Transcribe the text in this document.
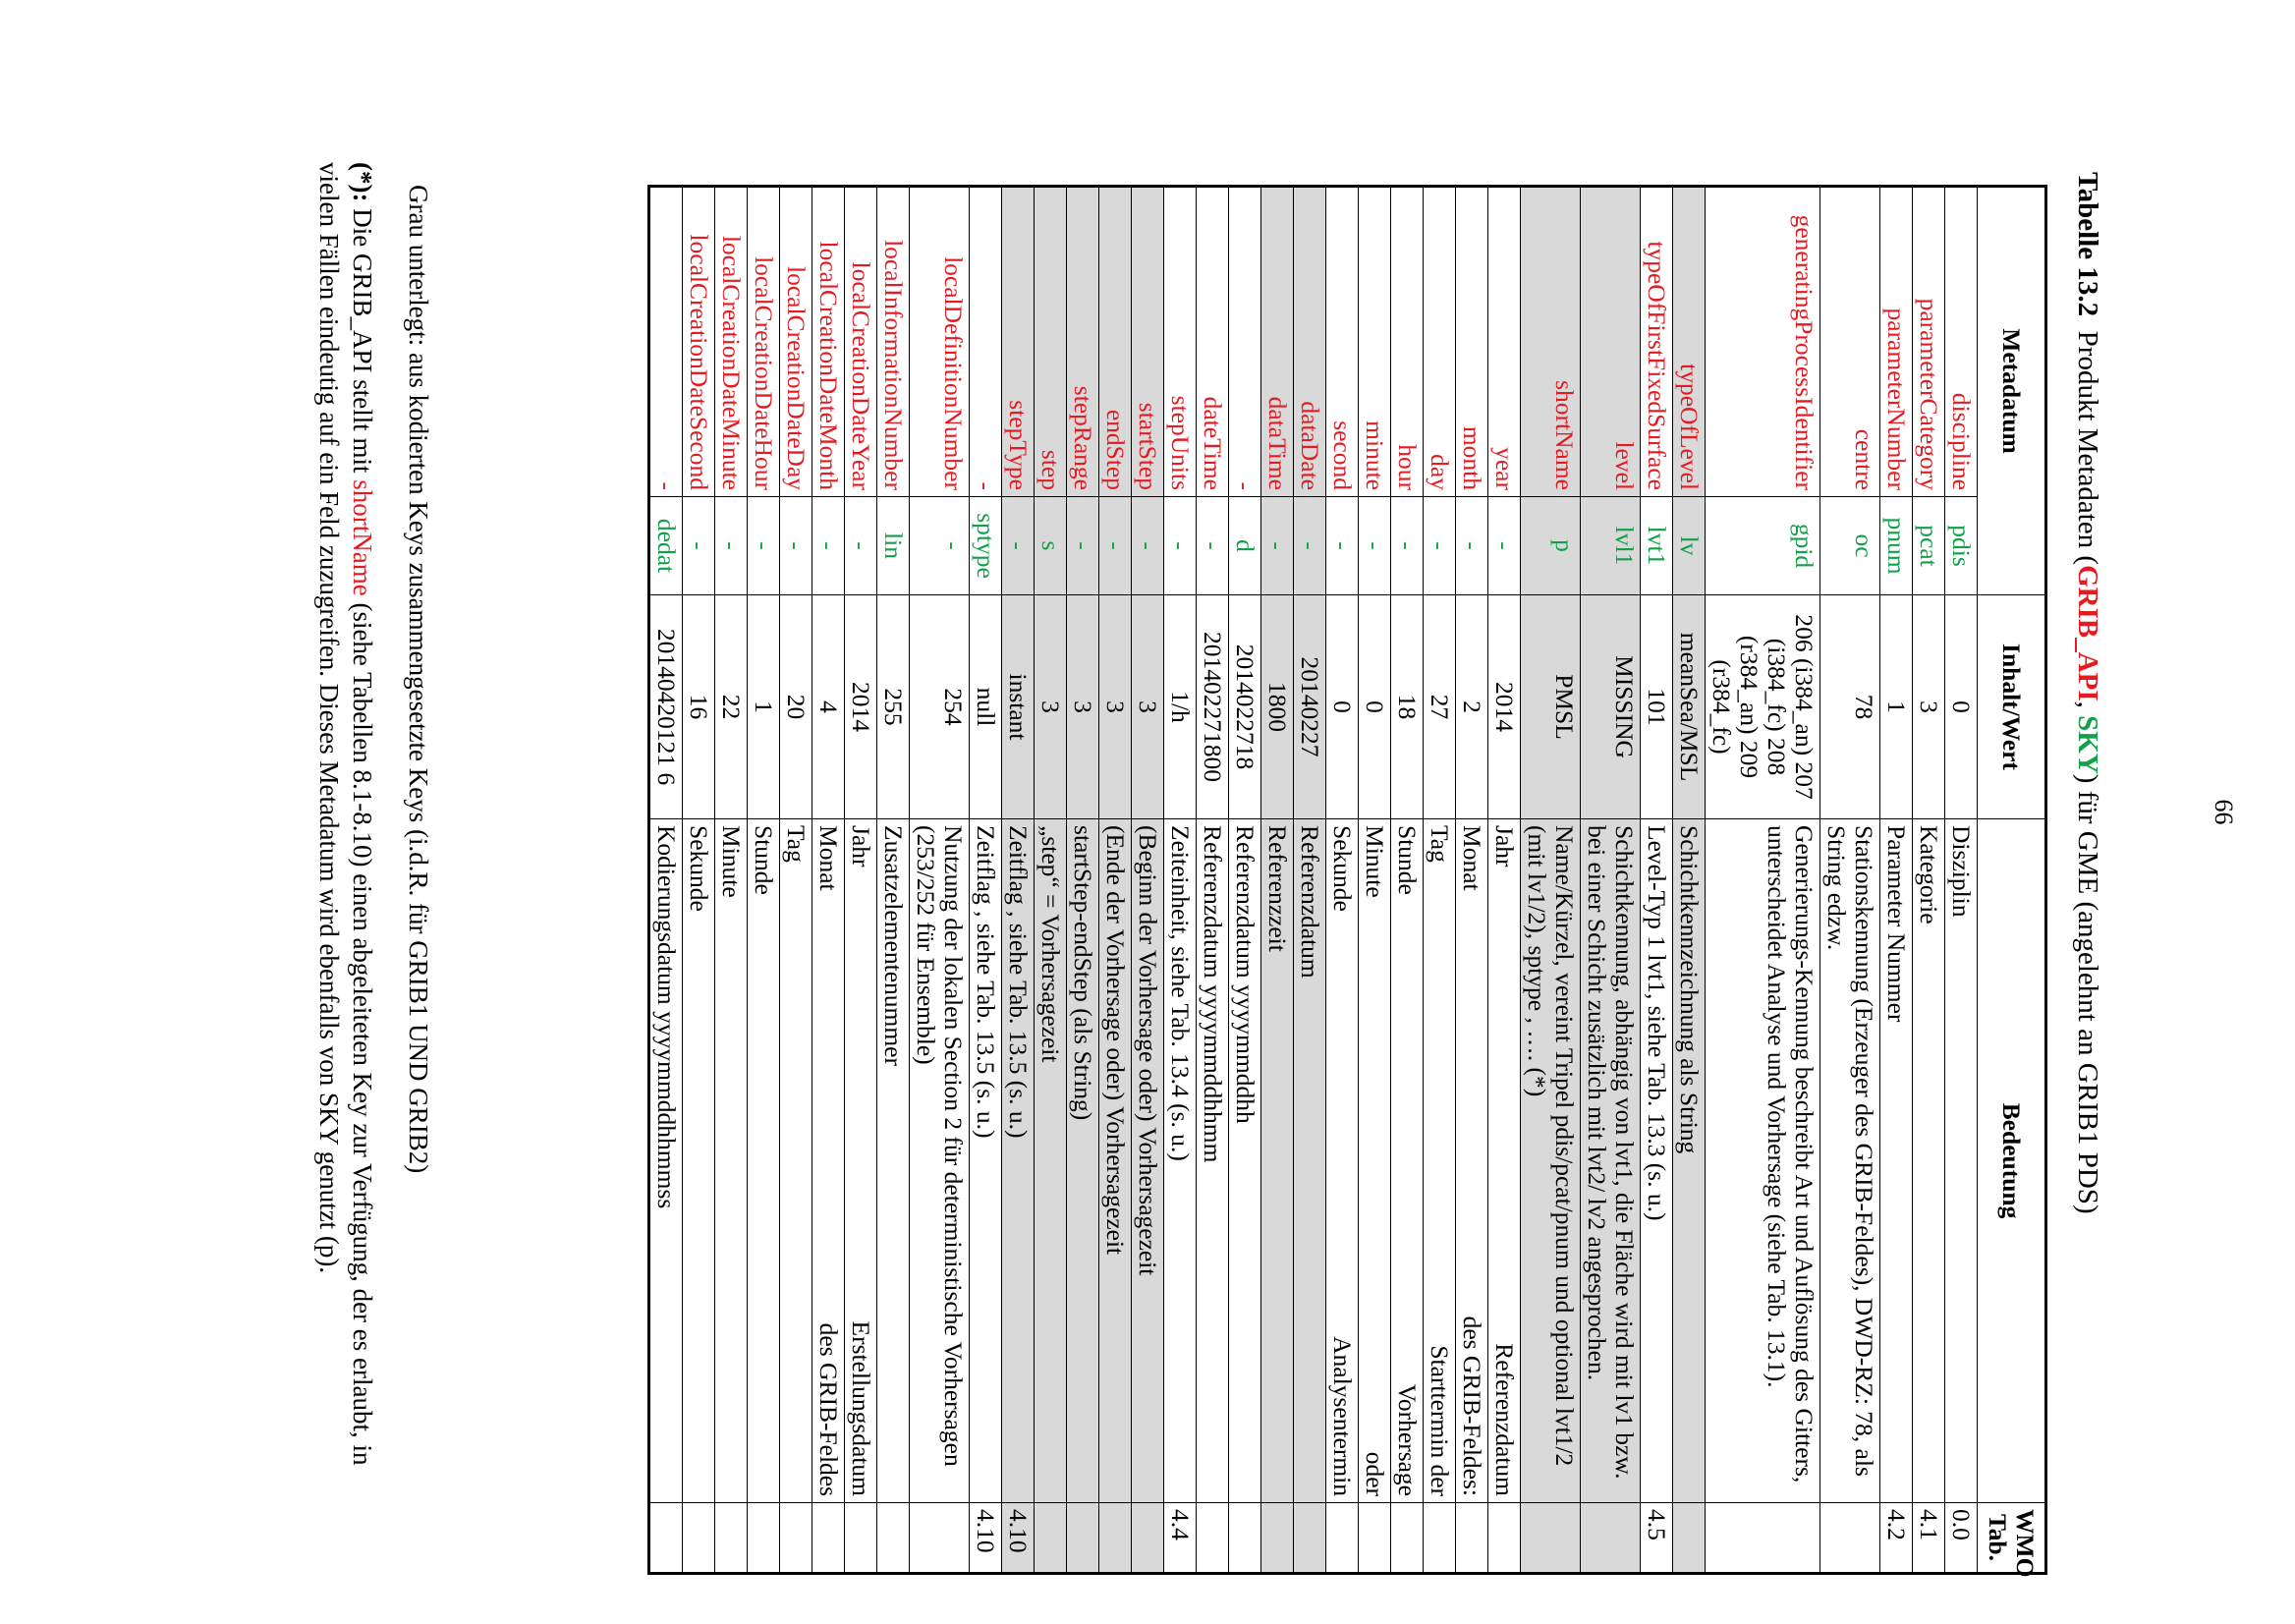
66
Tabelle 13.2  Produkt Metadaten (GRIB_API, SKY) für GME (angelehnt an GRIB1 PDS)
Metadatum		Inhalt/Wert	Bedeutung	WMO Tab.
discipline	pdis	0	Disziplin	0.0
parameterCategory	pcat	3	Kategorie	4.1
parameterNumber	pnum	1	Parameter Nummer	4.2
centre	oc	78	Stationskennung (Erzeuger des GRIB-Feldes), DWD-RZ: 78, als String edzw.	
generatingProcessIdentifier	gpid	206 (i384_an) 207 (i384_fc) 208 (r384_an) 209 (r384_fc)	Generierungs-Kennung beschreibt Art und Auflösung des Gitters, unterscheidet Analyse und Vorhersage (siehe Tab. 13.1).	
typeOfLevel	lv	meanSea/MSL	Schichtkennzeichnung als String	
typeOfFirstFixedSurface	lvt1	101	Level-Typ 1 lvt1, siehe Tab. 13.3 (s. u.)	4.5
level	lvl1	MISSING	Schichtkennung, abhängig von lvt1, die Fläche wird mit lv1 bzw. bei einer Schicht zusätzlich mit lvt2/ lv2 angesprochen.	
shortName	p	PMSL	Name/Kürzel, vereint Tripel pdis/pcat/pnum und optional lvt1/2 (mit lv1/2), sptype , …. (*)	
year	-	2014	Jahr
Referenzdatum	

month	-	2	Monat
des GRIB-Feldes:	

day	-	27	Tag
Starttermin der	

hour	-	18	Stunde
Vorhersage	

minute	-	0	Minute
oder	

second	-	0	Sekunde
Analysentermin	

dataDate	-	20140227	Referenzdatum	
dataTime	-	1800	Referenzzeit	
-	d	2014022718	Referenzdatum yyyymmddhh	
dateTime	-	201402271800	Referenzdatum yyyymmddhhmm	
stepUnits	-	1/h	Zeiteinheit, siehe Tab. 13.4 (s. u.)	4.4
startStep	-	3	(Beginn der Vorhersage oder) Vorhersagezeit	
endStep	-	3	(Ende der Vorhersage oder) Vorhersagezeit	
stepRange	-	3	startStep-endStep (als String)	
step	s	3	„step“ = Vorhersagezeit	
stepType	-	instant	Zeitflag , siehe Tab. 13.5 (s. u.)	4.10
-	sptype	null	Zeitflag , siehe Tab. 13.5 (s. u.)	4.10
localDefinitionNumber	-	254	Nutzung der lokalen Section 2 für deterministische Vorhersagen (253/252 für Ensemble)	
localInformationNumber	lin	255	Zusatzelementenummer	
localCreationDateYear	-	2014	Jahr
Erstellungsdatum	

localCreationDateMonth	-	4	Monat
des GRIB-Feldes	

localCreationDateDay	-	20	Tag	
localCreationDateHour	-	1	Stunde	
localCreationDateMinute	-	22	Minute	
localCreationDateSecond	-	16	Sekunde	
-	dedat	20140420121 6	Kodierungsdatum yyyymmddhhmmss	
Grau unterlegt: aus kodierten Keys zusammengesetzte Keys (i.d.R. für GRIB1 UND GRIB2)
(*): Die GRIB_API stellt mit shortName (siehe Tabellen 8.1-8.10) einen abgeleiteten Key zur Verfügung, der es erlaubt, in vielen Fällen eindeutig auf ein Feld zuzugreifen. Dieses Metadatum wird ebenfalls von SKY genutzt (p).
